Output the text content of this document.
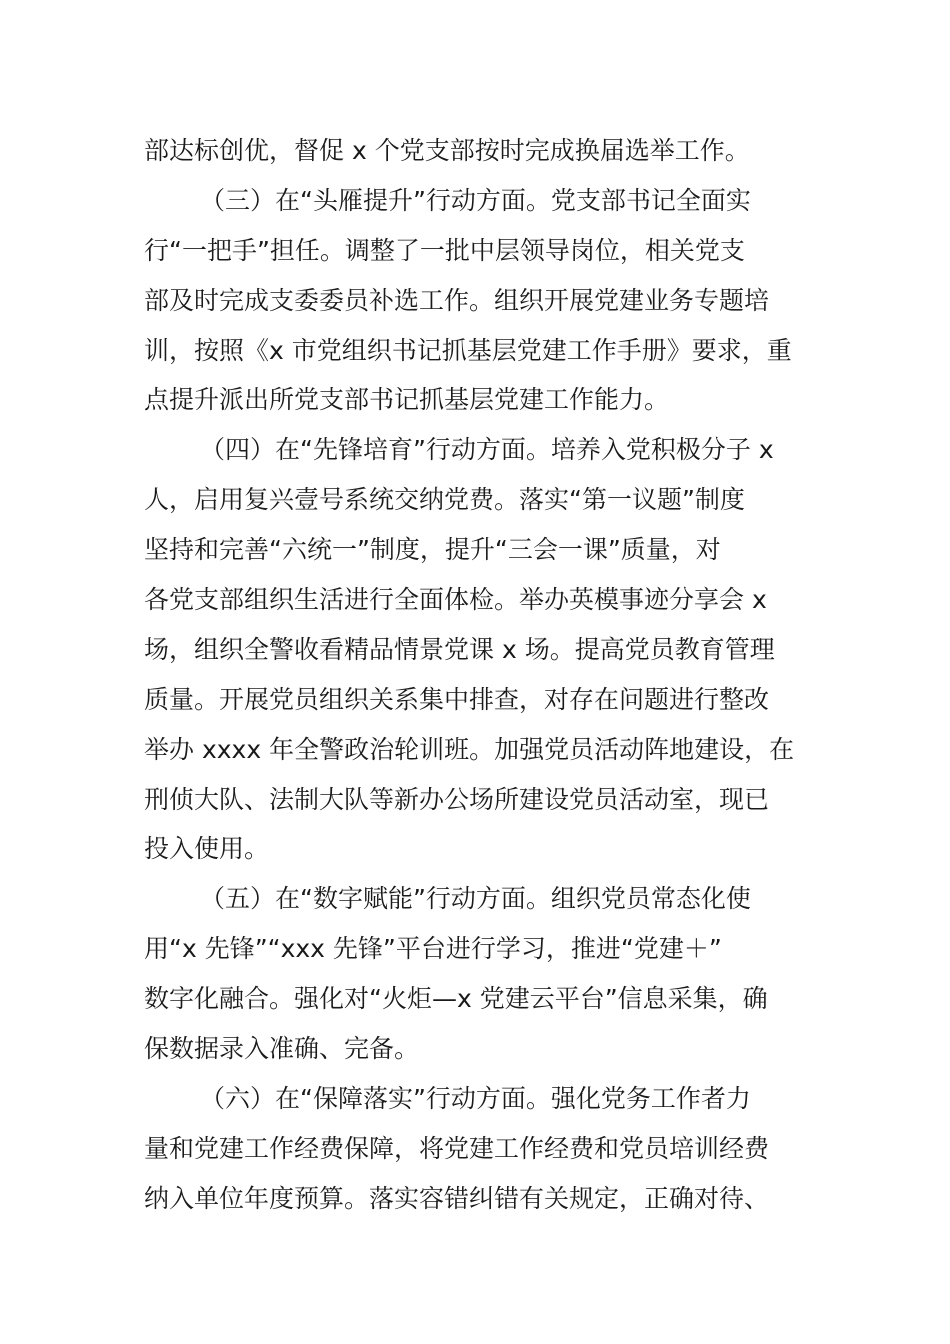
部达标创优，督促 x 个党支部按时完成换届选举工作。
（三）在“头雁提升”行动方面。党支部书记全面实
行“一把手”担任。调整了一批中层领导岗位，相关党支
部及时完成支委委员补选工作。组织开展党建业务专题培
训，按照《x 市党组织书记抓基层党建工作手册》要求，重
点提升派出所党支部书记抓基层党建工作能力。
（四）在“先锋培育”行动方面。培养入党积极分子 x
人，启用复兴壹号系统交纳党费。落实“第一议题”制度
坚持和完善“六统一”制度，提升“三会一课”质量，对
各党支部组织生活进行全面体检。举办英模事迹分享会 x
场，组织全警收看精品情景党课 x 场。提高党员教育管理
质量。开展党员组织关系集中排查，对存在问题进行整改
举办 xxxx 年全警政治轮训班。加强党员活动阵地建设，在
刑侦大队、法制大队等新办公场所建设党员活动室，现已
投入使用。
（五）在“数字赋能”行动方面。组织党员常态化使
用“x 先锋”“xxx 先锋”平台进行学习，推进“党建＋”
数字化融合。强化对“火炬—x 党建云平台”信息采集，确
保数据录入准确、完备。
（六）在“保障落实”行动方面。强化党务工作者力
量和党建工作经费保障，将党建工作经费和党员培训经费
纳入单位年度预算。落实容错纠错有关规定，正确对待、
